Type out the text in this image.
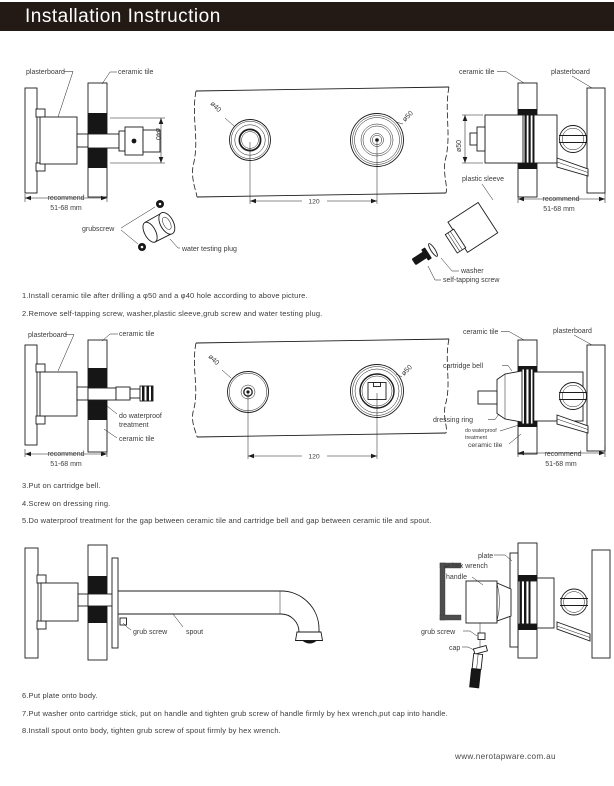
Installation Instruction
ø40
recommend
51-68 mm
plasterboard	ceramic tile
grubscrew
water testing plug
ø40
ø50
120
ø50
plastic sleeve
washer
self-tapping screw
recommend
51-68 mm
ceramic tile	plasterboard

1.Install ceramic tile after drilling a φ50 and a φ40 hole according to above picture.

2.Remove self-tapping screw, washer,plastic sleeve,grub screw and water testing plug.

plasterboard	ceramic tile
do waterproof
treatment
ceramic tile
recommend
51-68 mm
ø40
ø50
120
cartridge bell
dressing ring
do waterproof
treatment
ceramic tile
recommend
51-68 mm
ceramic tile	plasterboard

3.Put on cartridge bell.

4.Screw on dressing ring.

5.Do waterproof treatment for the gap between ceramic tile and cartridge bell and gap between ceramic tile and spout.

grub screw	spout
plate
hex wrench
handle
grub screw
cap

6.Put plate onto body.

7.Put washer onto cartridge stick, put on handle and tighten grub screw of handle firmly by hex wrench,put cap into handle.

8.Install spout onto body, tighten grub screw of spout firmly by hex wrench.

www.nerotapware.com.au
